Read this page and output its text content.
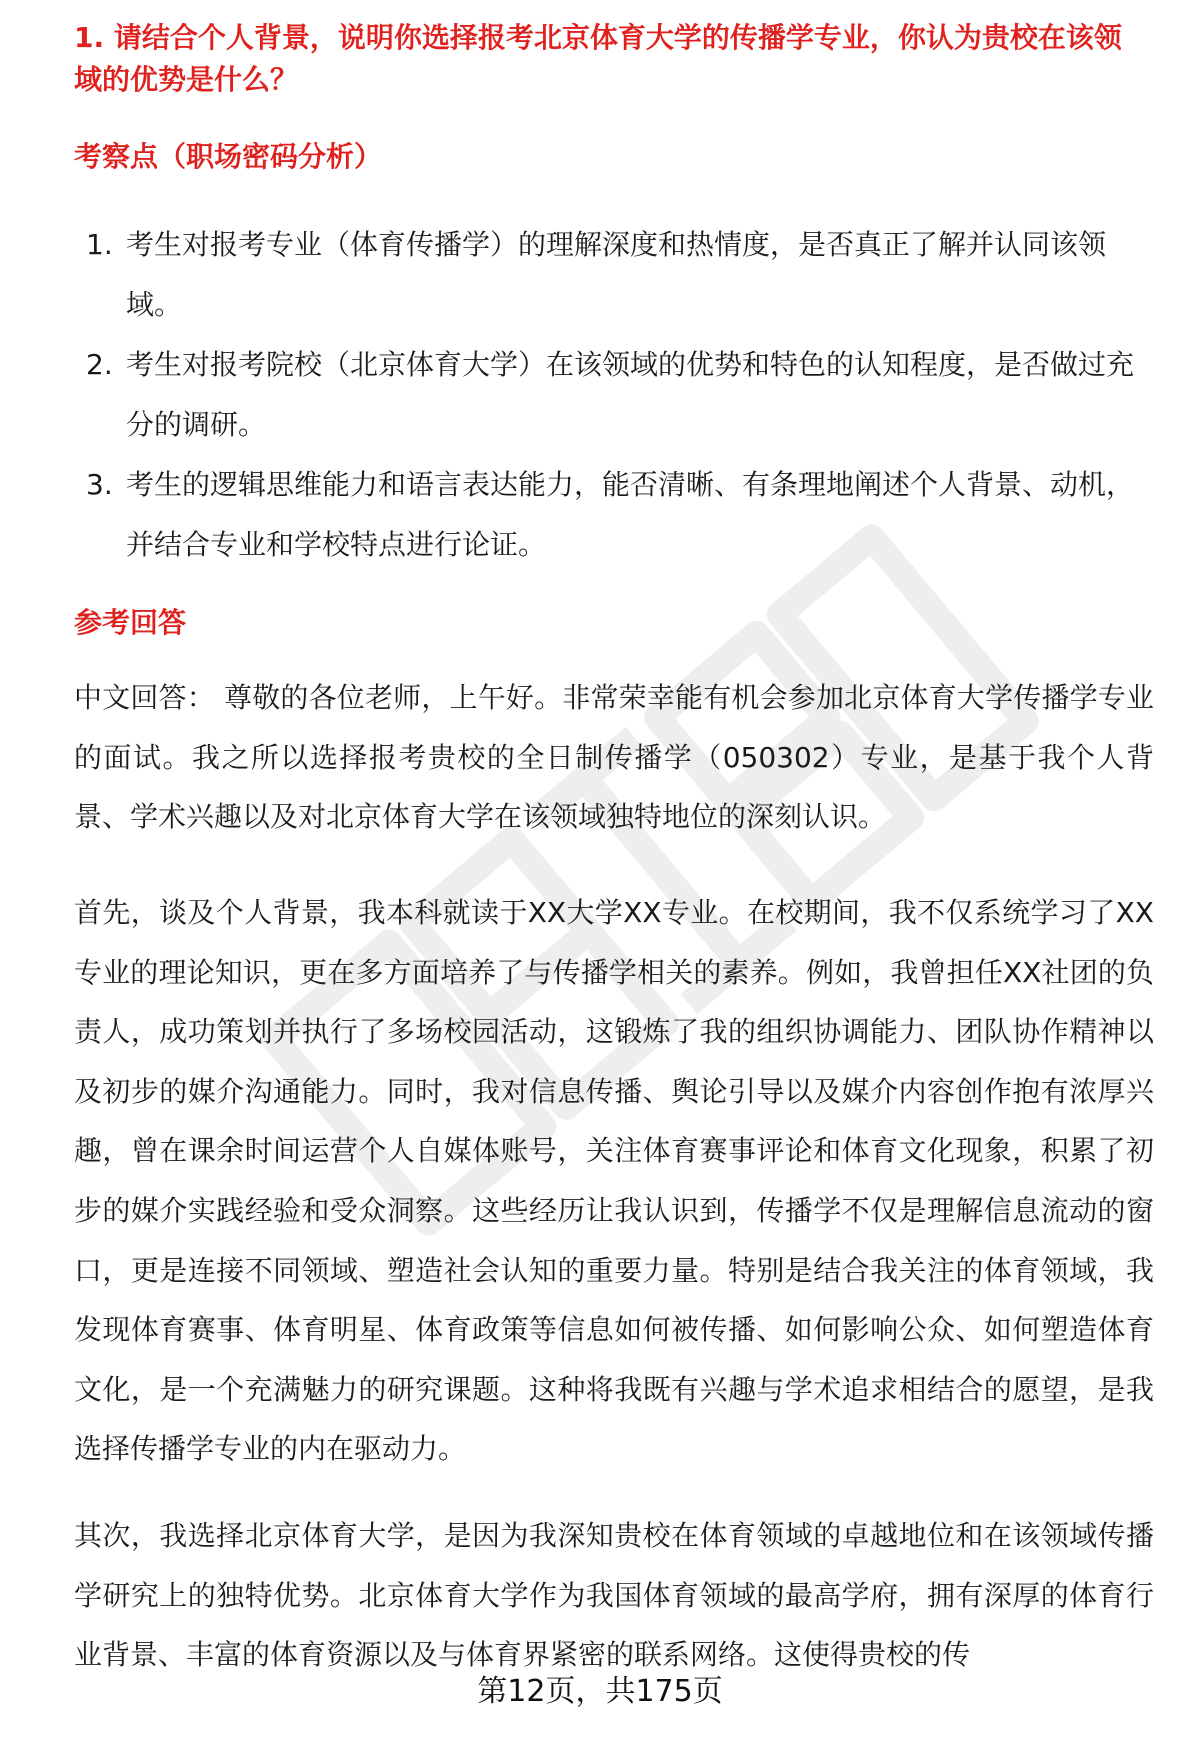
1. 请结合个人背景，说明你选择报考北京体育大学的传播学专业，你认为贵校在该领
域的优势是什么？
考察点（职场密码分析）
1. 考生对报考专业（体育传播学）的理解深度和热情度，是否真正了解并认同该领域。
2. 考生对报考院校（北京体育大学）在该领域的优势和特色的认知程度，是否做过充分的调研。
3. 考生的逻辑思维能力和语言表达能力，能否清晰、有条理地阐述个人背景、动机，并结合专业和学校特点进行论证。
参考回答

中文回答： 尊敬的各位老师，上午好。非常荣幸能有机会参加北京体育大学传播学专业的面试。我之所以选择报考贵校的全日制传播学（050302）专业，是基于我个人背景、学术兴趣以及对北京体育大学在该领域独特地位的深刻认识。

首先，谈及个人背景，我本科就读于XX大学XX专业。在校期间，我不仅系统学习了XX专业的理论知识，更在多方面培养了与传播学相关的素养。例如，我曾担任XX社团的负责人，成功策划并执行了多场校园活动，这锻炼了我的组织协调能力、团队协作精神以及初步的媒介沟通能力。同时，我对信息传播、舆论引导以及媒介内容创作抱有浓厚兴趣，曾在课余时间运营个人自媒体账号，关注体育赛事评论和体育文化现象，积累了初步的媒介实践经验和受众洞察。这些经历让我认识到，传播学不仅是理解信息流动的窗口，更是连接不同领域、塑造社会认知的重要力量。特别是结合我关注的体育领域，我发现体育赛事、体育明星、体育政策等信息如何被传播、如何影响公众、如何塑造体育文化，是一个充满魅力的研究课题。这种将我既有兴趣与学术追求相结合的愿望，是我选择传播学专业的内在驱动力。

其次，我选择北京体育大学，是因为我深知贵校在体育领域的卓越地位和在该领域传播学研究上的独特优势。北京体育大学作为我国体育领域的最高学府，拥有深厚的体育行业背景、丰富的体育资源以及与体育界紧密的联系网络。这使得贵校的传

第12页，共175页
